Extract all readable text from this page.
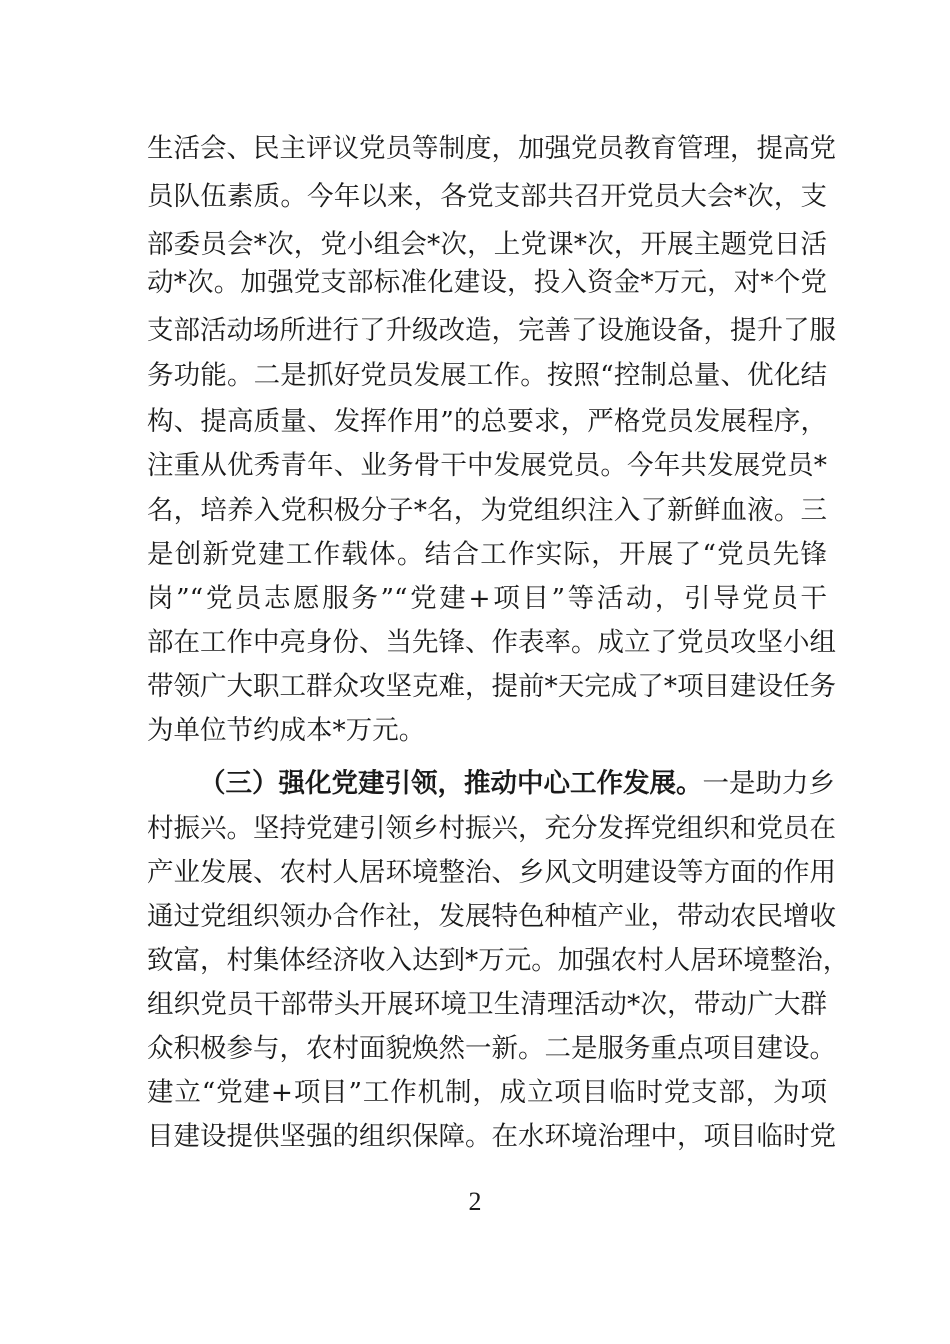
生活会、民主评议党员等制度，加强党员教育管理，提高党
员队伍素质。今年以来，各党支部共召开党员大会*次，支
部委员会*次，党小组会*次，上党课*次，开展主题党日活
动*次。加强党支部标准化建设，投入资金*万元，对*个党
支部活动场所进行了升级改造，完善了设施设备，提升了服
务功能。二是抓好党员发展工作。按照“控制总量、优化结
构、提高质量、发挥作用”的总要求，严格党员发展程序，
注重从优秀青年、业务骨干中发展党员。今年共发展党员*
名，培养入党积极分子*名，为党组织注入了新鲜血液。三
是创新党建工作载体。结合工作实际，开展了“党员先锋
岗”“党员志愿服务”“党建+项目”等活动，引导党员干
部在工作中亮身份、当先锋、作表率。成立了党员攻坚小组
带领广大职工群众攻坚克难，提前*天完成了*项目建设任务
为单位节约成本*万元。
（三）强化党建引领，推动中心工作发展。一是助力乡
村振兴。坚持党建引领乡村振兴，充分发挥党组织和党员在
产业发展、农村人居环境整治、乡风文明建设等方面的作用
通过党组织领办合作社，发展特色种植产业，带动农民增收
致富，村集体经济收入达到*万元。加强农村人居环境整治，
组织党员干部带头开展环境卫生清理活动*次，带动广大群
众积极参与，农村面貌焕然一新。二是服务重点项目建设。
建立“党建+项目”工作机制，成立项目临时党支部，为项
目建设提供坚强的组织保障。在水环境治理中，项目临时党
2
